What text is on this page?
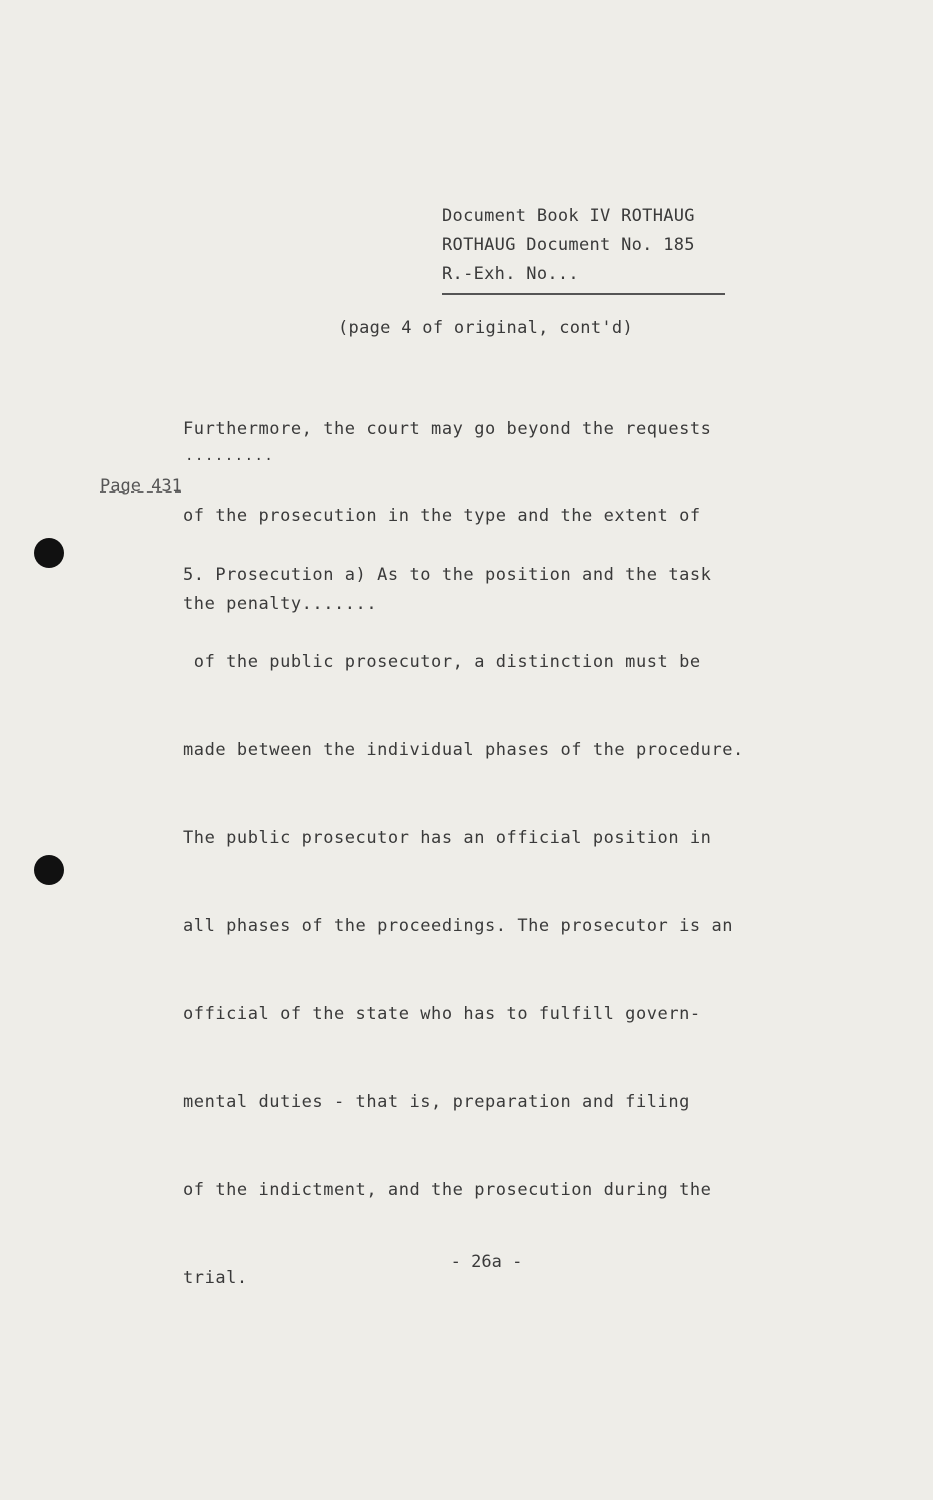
Document Book IV ROTHAUG
ROTHAUG Document No. 185
R.-Exh. No...
(page 4 of original, cont'd)

Furthermore, the court may go beyond the requests

of the prosecution in the type and the extent of

the penalty.......

.........
Page 431

5. Prosecution a) As to the position and the task

of the public prosecutor, a distinction must be

made between the individual phases of the procedure.

The public prosecutor has an official position in

all phases of the proceedings. The prosecutor is an

official of the state who has to fulfill govern-

mental duties - that is, preparation and filing

of the indictment, and the prosecution during the

trial.

- 26a -
